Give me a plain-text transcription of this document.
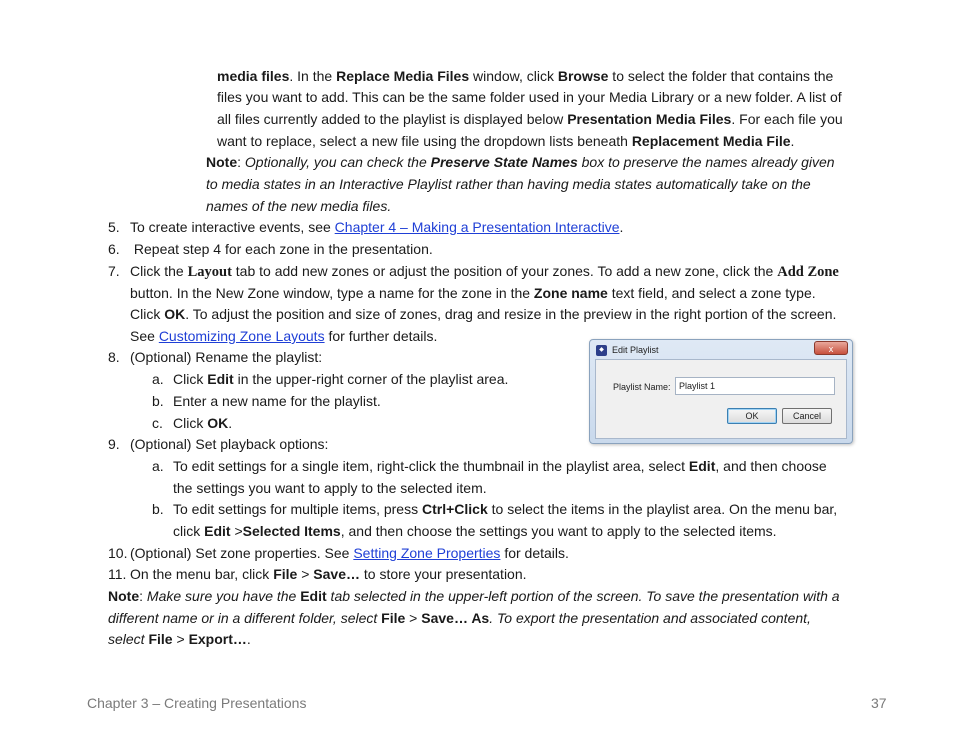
media files. In the Replace Media Files window, click Browse to select the folder that contains the
files you want to add. This can be the same folder used in your Media Library or a new folder. A list of
all files currently added to the playlist is displayed below Presentation Media Files. For each file you
want to replace, select a new file using the dropdown lists beneath Replacement Media File.
Note: Optionally, you can check the Preserve State Names box to preserve the names already given
to media states in an Interactive Playlist rather than having media states automatically take on the
names of the new media files.
5. To create interactive events, see Chapter 4 – Making a Presentation Interactive.
6. Repeat step 4 for each zone in the presentation.
7. Click the Layout tab to add new zones or adjust the position of your zones. To add a new zone, click the Add Zone
button. In the New Zone window, type a name for the zone in the Zone name text field, and select a zone type.
Click OK. To adjust the position and size of zones, drag and resize in the preview in the right portion of the screen.
See Customizing Zone Layouts for further details.
8. (Optional) Rename the playlist:
a. Click Edit in the upper-right corner of the playlist area.
b. Enter a new name for the playlist.
c. Click OK.
◆ Edit Playlist	x
Playlist Name:
Playlist 1
OK	Cancel
9. (Optional) Set playback options:
a. To edit settings for a single item, right-click the thumbnail in the playlist area, select Edit, and then choose
the settings you want to apply to the selected item.
b. To edit settings for multiple items, press Ctrl+Click to select the items in the playlist area. On the menu bar,
click Edit >Selected Items, and then choose the settings you want to apply to the selected items.
10. (Optional) Set zone properties. See Setting Zone Properties for details.
11. On the menu bar, click File > Save… to store your presentation.
Note: Make sure you have the Edit tab selected in the upper-left portion of the screen. To save the presentation with a
different name or in a different folder, select File > Save… As. To export the presentation and associated content,
select File > Export….
Chapter 3 – Creating Presentations	37
